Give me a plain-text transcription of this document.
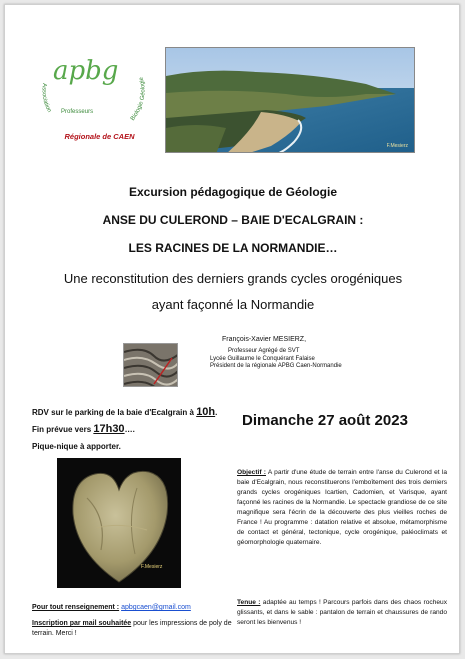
apbg
Association Professeurs
Biologie Géologie
Régionale de CAEN
F.Mesierz
Excursion pédagogique de Géologie
ANSE DU CULEROND – BAIE D'ECALGRAIN :
LES RACINES DE LA NORMANDIE…
Une reconstitution des derniers grands cycles orogéniques
ayant façonné la Normandie
François-Xavier MESIERZ,
Professeur Agrégé de SVT
Lycée Guillaume le Conquérant Falaise
Président de la régionale APBG Caen-Normandie
RDV sur le parking de la baie d'Ecalgrain à 10h.
Fin prévue vers 17h30….
Pique-nique à apporter.
Dimanche 27 août 2023
F.Mesierz
Objectif : A partir d'une étude de terrain entre l'anse du Culerond et la baie d'Ecalgrain, nous reconstituerons l'emboîtement des trois derniers grands cycles orogéniques Icartien, Cadomien, et Varisque, ayant façonné les racines de la Normandie. Le spectacle grandiose de ce site magnifique sera l'écrin de la découverte des plus vieilles roches de France ! Au programme : datation relative et absolue, métamorphisme de contact et général, tectonique, cycle orogénique, paléoclimats et géomorphologie quaternaire.
Tenue : adaptée au temps ! Parcours parfois dans des chaos rocheux glissants, et dans le sable : pantalon de terrain et chaussures de rando seront les bienvenus !
Pour tout renseignement : apbgcaen@gmail.com
Inscription par mail souhaitée pour les impressions de poly de terrain. Merci !
